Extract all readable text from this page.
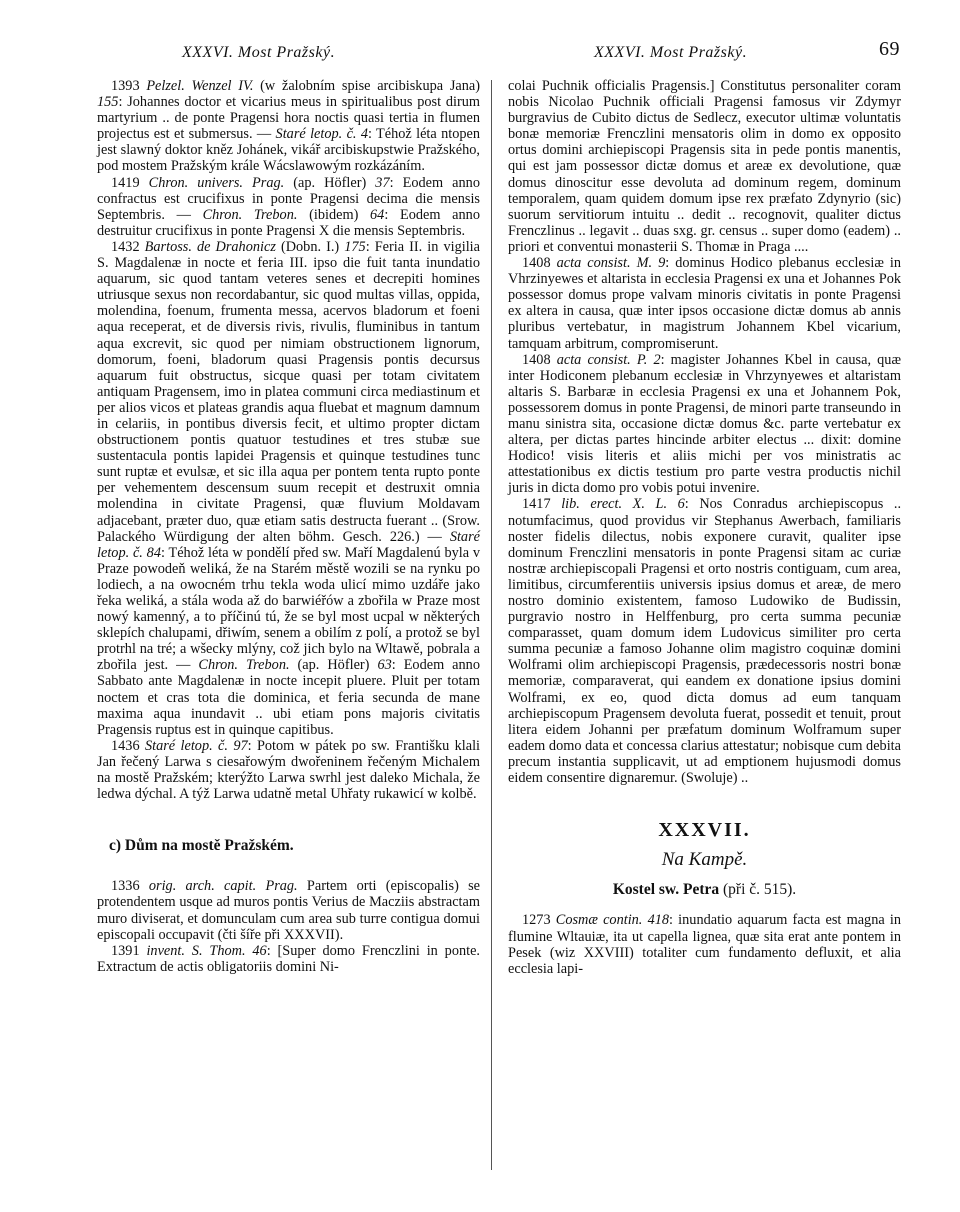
XXXVI. Most Pražský.	XXXVI. Most Pražský.	69

1393 Pelzel. Wenzel IV. (w žalobním spise arcibiskupa Jana) 155: Johannes doctor et vicarius meus in spiritualibus post dirum martyrium .. de ponte Pragensi hora noctis quasi tertia in flumen projectus est et submersus. — Staré letop. č. 4: Téhož léta ntopen jest slawný doktor kněz Johánek, vikář arcibiskupstwie Pražského, pod mostem Pražským králе Wácslawowým rozkázáním.

1419 Chron. univers. Prag. (ap. Höfler) 37: Eodem anno confractus est crucifixus in ponte Pragensi decima die mensis Septembris. — Chron. Trebon. (ibidem) 64: Eodem anno destruitur crucifixus in ponte Pragensi X die mensis Septembris.

1432 Bartoss. de Drahonicz (Dobn. I.) 175: Feria II. in vigilia S. Magdalenæ in nocte et feria III. ipso die fuit tanta inundatio aquarum, sic quod tantam veteres senes et decrepiti homines utriusque sexus non recordabantur, sic quod multas villas, oppida, molendina, foenum, frumenta messa, acervos bladorum et foeni aqua receperat, et de diversis rivis, rivulis, fluminibus in tantum aqua excrevit, sic quod per nimiam obstructionem lignorum, domorum, foeni, bladorum quasi Pragensis pontis decursus aquarum fuit obstructus, sicque quasi per totam civitatem antiquam Pragensem, imo in platea communi circa mediastinum et per alios vicos et plateas grandis aqua fluebat et magnum damnum in celariis, in pontibus diversis fecit, et ultimo propter dictam obstructionem pontis quatuor testudines et tres stubæ sue sustentacula pontis lapidei Pragensis et quinque testudines tunc sunt ruptæ et evulsæ, et sic illa aqua per pontem tenta rupto ponte per vehementem descensum suum recepit et destruxit omnia molendina in civitate Pragensi, quæ fluvium Moldavam adjacebant, præter duo, quæ etiam satis destructa fuerant .. (Srow. Palackého Würdigung der alten böhm. Gesch. 226.) — Staré letop. č. 84: Téhož léta w pondělí před sw. Maří Magdalenú byla v Praze powodeň weliká, že na Starém městě wozili se na rynku po lodiech, a na owocném trhu tekla woda ulicí mimo uzdáře jako řeka weliká, a stála woda až do barwiéřów a zbořila w Praze most nowý kamenný, a to příčinú tú, že se byl most ucpal w některých sklepích chalupami, dřiwím, senem a obilím z polí, a protož se byl protrhl na tré; a wšecky mlýny, což jich bylo na Wltawě, pobrala a zbořila jest. — Chron. Trebon. (ap. Höfler) 63: Eodem anno Sabbato ante Magdalenæ in nocte incepit pluere. Pluit per totam noctem et cras tota die dominica, et feria secunda de mane maxima aqua inundavit .. ubi etiam pons majoris civitatis Pragensis ruptus est in quinque capitibus.

1436 Staré letop. č. 97: Potom w pátek po sw. Františku klali Jan řečený Larwa s ciesařowým dwořeninem řečeným Michalem na mostě Pražském; kterýžto Larwa swrhl jest daleko Michala, že ledwa dýchal. A týž Larwa udatně metal Uhřaty rukawicí w kolbě.

c) Dům na mostě Pražském.

1336 orig. arch. capit. Prag. Partem orti (episcopalis) se protendentem usque ad muros pontis Verius de Macziis abstractam muro diviserat, et domunculam cum area sub turre contigua domui episcopali occupavit (čti šíře při XXXVII).

1391 invent. S. Thom. 46: [Super domo Frenczlini in ponte. Extractum de actis obligatoriis domini Ni-

colai Puchnik officialis Pragensis.] Constitutus personaliter coram nobis Nicolao Puchnik officiali Pragensi famosus vir Zdymyr burgravius de Cubito dictus de Sedlecz, executor ultimæ voluntatis bonæ memoriæ Frenczlini mensatoris olim in domo ex opposito ortus domini archiepiscopi Pragensis sita in pede pontis manentis, qui est jam possessor dictæ domus et areæ ex devolutione, quæ domus dinoscitur esse devoluta ad dominum regem, dominum temporalem, quam quidem domum ipse rex præfato Zdynyrio (sic) suorum servitiorum intuitu .. dedit .. recognovit, qualiter dictus Frenczlinus .. legavit .. duas sxg. gr. census .. super domo (eadem) .. priori et conventui monasterii S. Thomæ in Praga ....

1408 acta consist. M. 9: dominus Hodico plebanus ecclesiæ in Vhrzinyewes et altarista in ecclesia Pragensi ex una et Johannes Pok possessor domus prope valvam minoris civitatis in ponte Pragensi ex altera in causa, quæ inter ipsos occasione dictæ domus ab annis pluribus vertebatur, in magistrum Johannem Kbel vicarium, tamquam arbitrum, compromiserunt.

1408 acta consist. P. 2: magister Johannes Kbel in causa, quæ inter Hodiconem plebanum ecclesiæ in Vhrzynyewes et altaristam altaris S. Barbaræ in ecclesia Pragensi ex una et Johannem Pok, possessorem domus in ponte Pragensi, de minori parte transeundo in manu sinistra sita, occasione dictæ domus &c. parte vertebatur ex altera, per dictas partes hincinde arbiter electus ... dixit: domine Hodico! visis literis et aliis michi per vos ministratis ac attestationibus ex dictis testium pro parte vestra productis nichil juris in dicta domo pro vobis potui invenire.

1417 lib. erect. X. L. 6: Nos Conradus archiepiscopus .. notumfacimus, quod providus vir Stephanus Awerbach, familiaris noster fidelis dilectus, nobis exponere curavit, qualiter ipse dominum Frenczlini mensatoris in ponte Pragensi sitam ac curiæ nostræ archiepiscopali Pragensi et orto nostris contiguam, cum area, limitibus, circumferentiis universis ipsius domus et areæ, de mero nostro dominio existentem, famoso Ludowiko de Budissin, purgravio nostro in Helffenburg, pro certa summa pecuniæ comparasset, quam domum idem Ludovicus similiter pro certa summa pecuniæ a famoso Johanne olim magistro coquinæ domini Wolframi olim archiepiscopi Pragensis, prædecessoris nostri bonæ memoriæ, comparaverat, qui eandem ex donatione ipsius domini Wolframi, ex eo, quod dicta domus ad eum tanquam archiepiscopum Pragensem devoluta fuerat, possedit et tenuit, prout litera eidem Johanni per præfatum dominum Wolframum super eadem domo data et concessa clarius attestatur; nobisque cum debita precum instantia supplicavit, ut ad emptionem hujusmodi domus eidem consentire dignaremur. (Swoluje) ..

XXXVII.
Na Kampě.
Kostel sw. Petra (při č. 515).

1273 Cosmæ contin. 418: inundatio aquarum facta est magna in flumine Wltauiæ, ita ut capella lignea, quæ sita erat ante pontem in Pesek (wiz XXVIII) totaliter cum fundamento defluxit, et alia ecclesia lapi-
